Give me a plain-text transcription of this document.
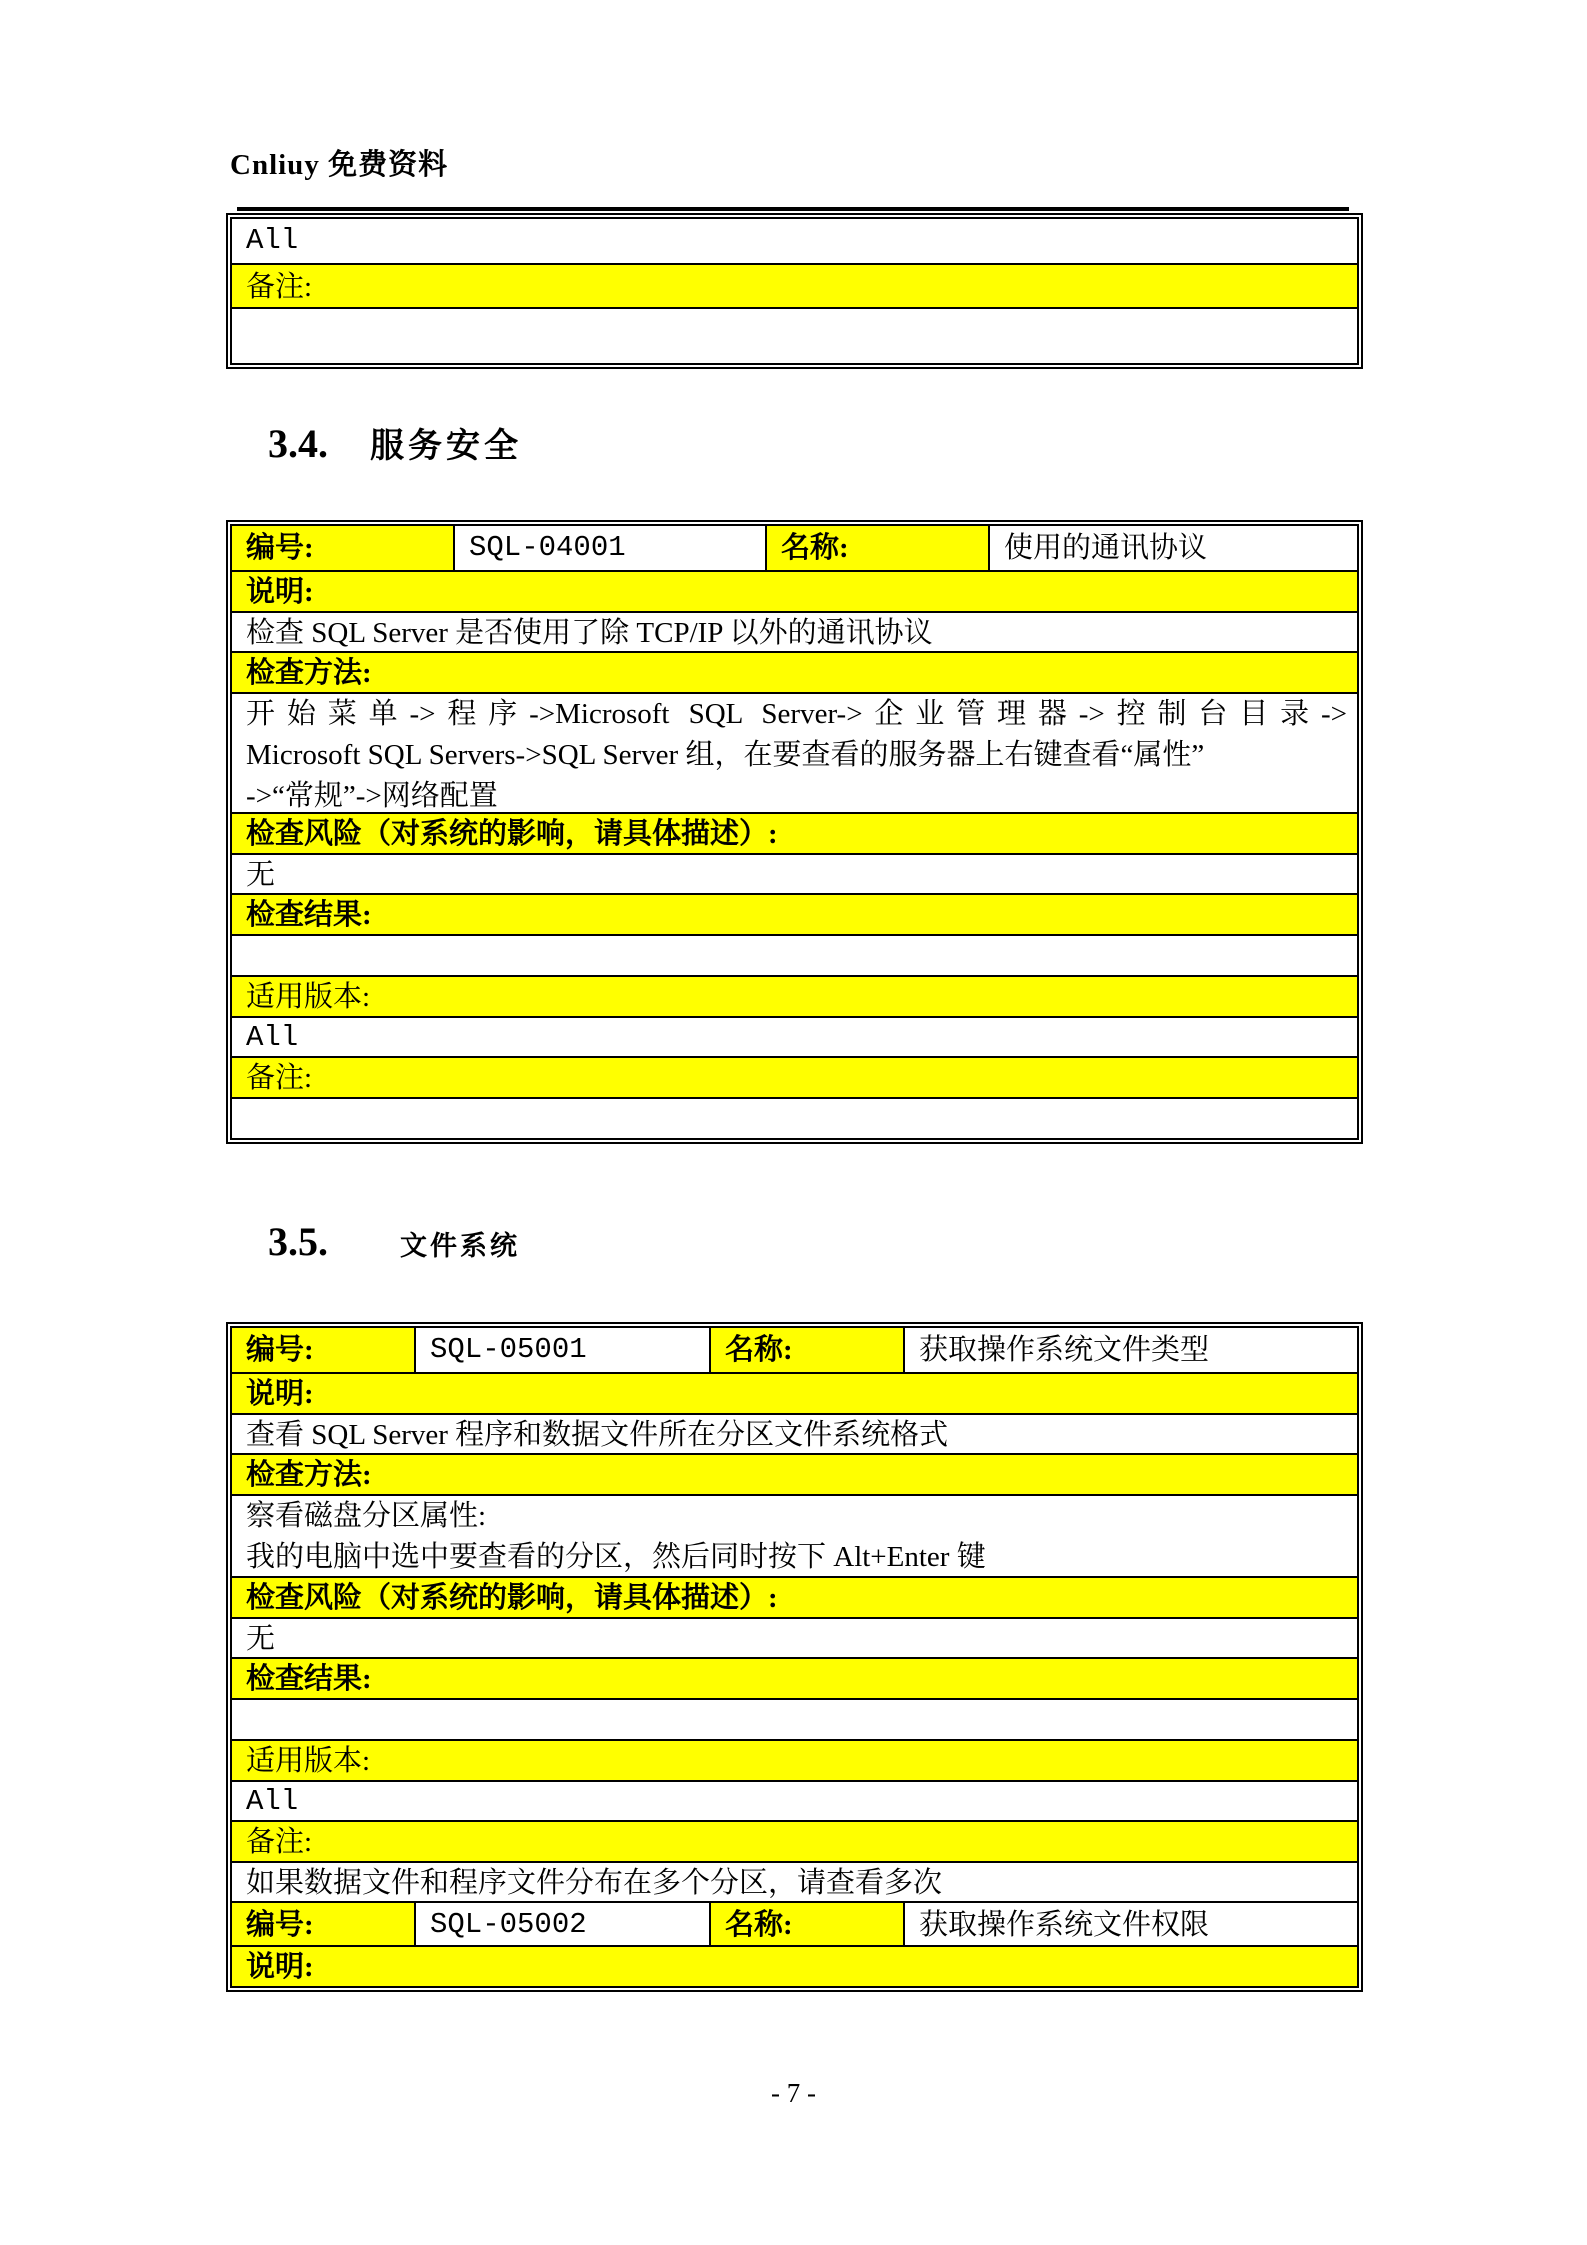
Cnliuy 免费资料
All
备注:
3.4. 服务安全
编号:	SQL-04001	名称:	使用的通讯协议
说明:
检查 SQL Server 是否使用了除 TCP/IP 以外的通讯协议
检查方法:
开始菜单->程序->Microsoft SQL Server->企业管理器->控制台目录->
Microsoft SQL Servers->SQL Server 组，在要查看的服务器上右键查看“属性”
->“常规”->网络配置
检查风险（对系统的影响，请具体描述）:
无
检查结果:
适用版本:
All
备注:
3.5.	文件系统
编号:	SQL-05001	名称:	获取操作系统文件类型
说明:
查看 SQL Server 程序和数据文件所在分区文件系统格式
检查方法:
察看磁盘分区属性:
我的电脑中选中要查看的分区，然后同时按下 Alt+Enter 键
检查风险（对系统的影响，请具体描述）:
无
检查结果:
适用版本:
All
备注:
如果数据文件和程序文件分布在多个分区，请查看多次
编号:	SQL-05002	名称:	获取操作系统文件权限
说明:
- 7 -
